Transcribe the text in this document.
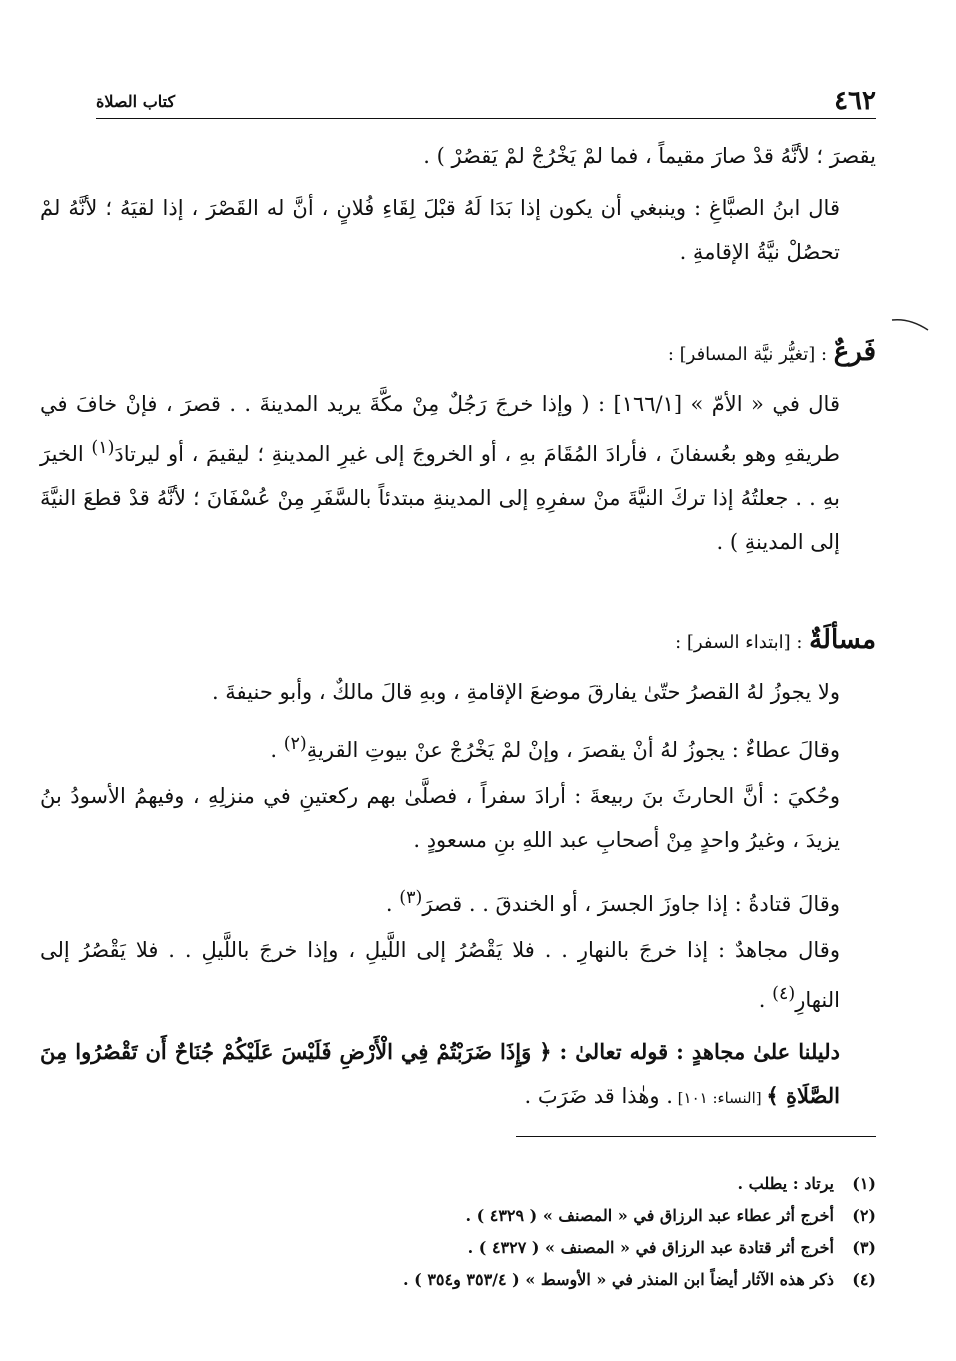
٤٦٢
كتاب الصلاة
يقصرَ ؛ لأنَّهُ قدْ صارَ مقيماً ، فما لمْ يَخْرُجْ لمْ يَقصُرْ ) .
قال ابنُ الصبَّاغِ : وينبغي أن يكون إذا بَدَا لَهُ قبْلَ لِقَاءِ فُلانٍ ، أنَّ له القَصْرَ ، إذا لقيَهُ ؛ لأنَّهُ لمْ تحصُلْ نيَّةُ الإقامةِ .
فَرعٌ : [تغيُّر نيَّة المسافر] :
قال في « الأمّ » [١٦٦/١] : ( وإذا خرجَ رَجُلٌ مِنْ مكَّةَ يريد المدينةَ . . قصرَ ، فإنْ خافَ في طريقهِ وهو بعُسفانَ ، فأرادَ المُقَامَ بهِ ، أو الخروجَ إلى غيرِ المدينةِ ؛ ليقيمَ ، أو ليرتادَ$^{(١)}$ الخيرَ بهِ . . جعلتُهُ إذا تركَ النيَّةَ منْ سفرِهِ إلى المدينةِ مبتدئاً بالسَّفَرِ مِنْ عُسْفَانَ ؛ لأنَّهُ قدْ قطعَ النيَّةَ إلى المدينةِ ) .
مسألَةٌ : [ابتداء السفر] :
ولا يجوزُ لهُ القصرُ حتّىٰ يفارقَ موضعَ الإقامةِ ، وبهِ قالَ مالكٌ ، وأبو حنيفةَ .
وقالَ عطاءٌ : يجوزُ لهُ أنْ يقصرَ ، وإنْ لمْ يَخْرُجْ عنْ بيوتِ القريةِ$^{(٢)}$ .
وحُكيَ : أنَّ الحارثَ بنَ ربيعةَ : أرادَ سفراً ، فصلَّىٰ بهم ركعتينِ في منزلِهِ ، وفيهمُ الأسودُ بنُ يزيدَ ، وغيرُ واحدٍ مِنْ أصحابِ عبد اللهِ بنِ مسعودٍ .
وقالَ قتادةُ : إذا جاوزَ الجسرَ ، أو الخندقَ . . قصرَ$^{(٣)}$ .
وقال مجاهدٌ : إذا خرجَ بالنهارِ . . فلا يَقْصُرُ إلى اللَّيلِ ، وإذا خرجَ باللَّيلِ . . فلا يَقْصُرُ إلى النهارِ$^{(٤)}$ .
دليلنا علىٰ مجاهدٍ : قوله تعالىٰ : ﴿ وَإِذَا ضَرَبْتُمْ فِي الْأَرْضِ فَلَيْسَ عَلَيْكُمْ جُنَاحٌ أَن تَقْصُرُوا مِنَ الصَّلَاةِ ﴾ [النساء: ١٠١] . وهٰذا قد ضَرَبَ .
(١)
يرتاد : يطلب .
(٢)
أخرج أثر عطاء عبد الرزاق في « المصنف » ( ٤٣٢٩ ) .
(٣)
أخرج أثر قتادة عبد الرزاق في « المصنف » ( ٤٣٢٧ ) .
(٤)
ذكر هذه الآثار أيضاً ابن المنذر في « الأوسط » ( ٣٥٣/٤ و٣٥٤ ) .
